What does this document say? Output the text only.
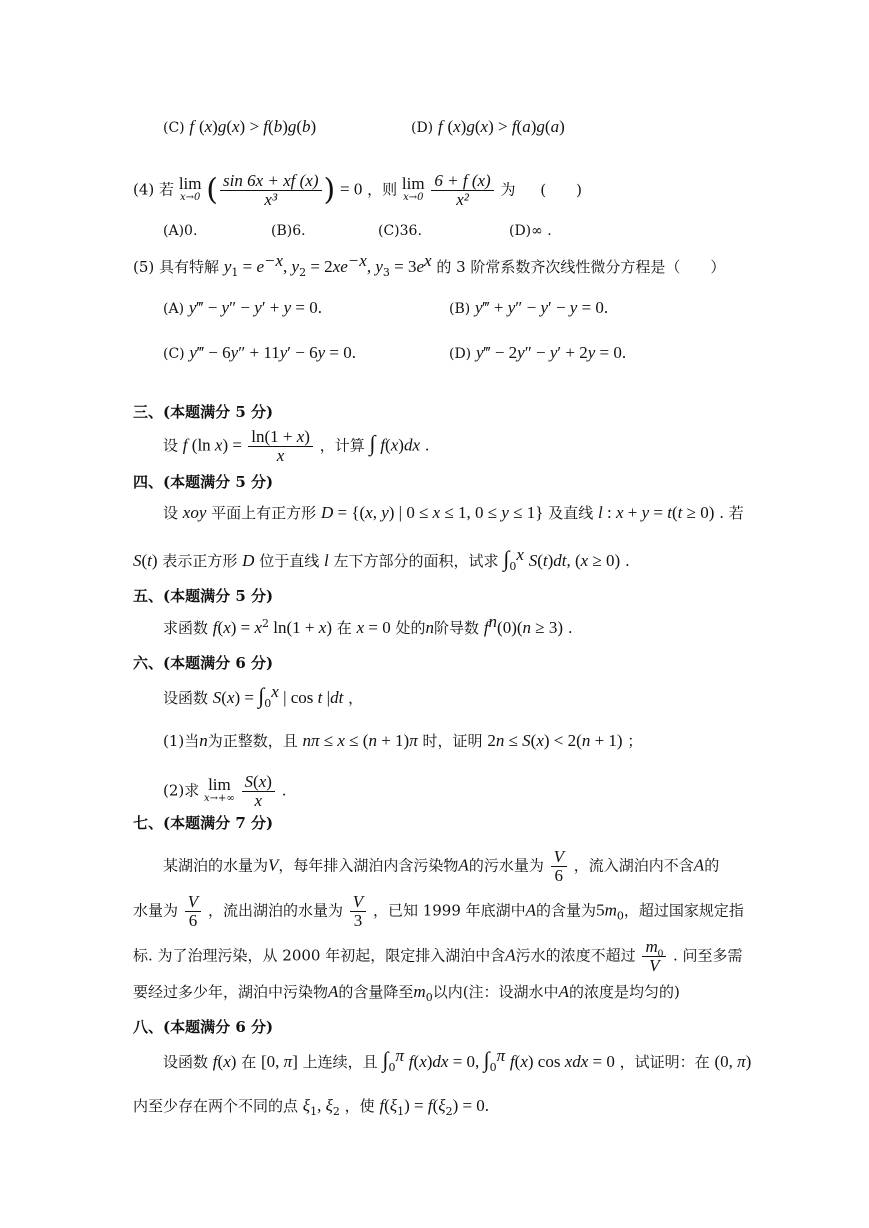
(C) f (x)g(x) > f(b)g(b)	(D) f (x)g(x) > f(a)g(a)
(4) 若 lim
x→0 ( $\frac{\sin 6x + xf (x)}{\text{x³}}$ ) = 0 ，则 lim
x→0
$\frac{6 + f (x)}{\text{x²}}$ 为 (　　)
(A)0.	(B)6.	(C)36.	(D)∞ .
(5) 具有特解 $y_1 = e^{-x}$, $y_2 = 2xe^{-x}$, $y_3 = 3e^x$ 的 3 阶常系数齐次线性微分方程是（　　）
(A) y‴ − y″ − y′ + y = 0.	(B) y‴ + y″ − y′ − y = 0.
(C) y‴ − 6y″ + 11y′ − 6y = 0.	(D) y‴ − 2y″ − y′ + 2y = 0.
三、(本题满分 5 分)
设 f (ln $x) = \frac{\ln(1 + x)}{x}$ ，计算 ∫ f(x)dx .
四、(本题满分 5 分)
设 xoy 平面上有正方形 D = {(x, y) | 0 ≤ x ≤ 1, 0 ≤ y ≤ 1} 及直线 l : x + y = t(t ≥ 0) . 若
S(t) 表示正方形 D 位于直线 l 左下方部分的面积，试求 $\int_0^x$ S(t)dt, (x ≥ 0) .
五、(本题满分 5 分)
求函数 $f(x) = x^2$ ln(1 + x) 在 x = 0 处的n阶导数 $f^n(0)(n \ge 3)$ .
六、(本题满分 6 分)
设函数 $S(x) = \int_0^x$ | cos t |dt ，
(1)当n为正整数，且 nπ ≤ x ≤ (n + 1)π 时，证明 2n ≤ S(x) < 2(n + 1) ；
(2)求 lim
x→+∞
$\frac{S(x)}{x}$ .
七、(本题满分 7 分)
某湖泊的水量为V，每年排入湖泊内含污染物A的污水量为 $\frac{V}{6}$ ，流入湖泊内不含A的
水量为 $\frac{V}{6}$ ，流出湖泊的水量为 $\frac{V}{3}$ ，已知 1999 年底湖中A的含量为$5m_0$，超过国家规定指
标. 为了治理污染，从 2000 年初起，限定排入湖泊中含A污水的浓度不超过 $\frac{m_0}{V}$ . 问至多需
要经过多少年，湖泊中污染物A的含量降至$m_0$以内(注：设湖水中A的浓度是均匀的)
八、(本题满分 6 分)
设函数 f(x) 在 [0, π] 上连续，且 $\int_0^\pi$ f(x)dx = 0, $\int_0^\pi$ f(x) cos xdx = 0 ，试证明：在 (0, π)
内至少存在两个不同的点 $\xi_1$, $\xi_2$ ，使 $f(\xi_1) = f(\xi_2) = 0$.
